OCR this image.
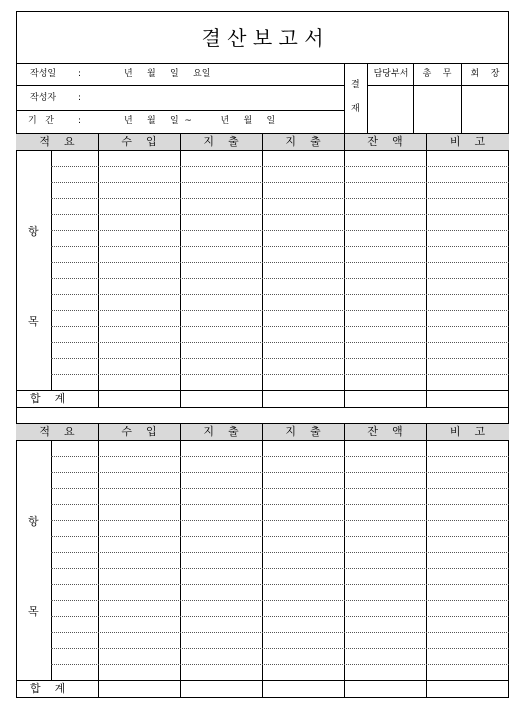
결 산 보 고 서
작성일 :	년     월     일     요일
작성자 :
기   간	:	년     월     일  ~          년     월     일
결
재
담당부서	총    무	회    장
적    요	수    입	지    출	지    출	잔    액	비    고
항
목
합    계
적    요	수    입	지    출	지    출	잔    액	비    고
항
목
합    계
